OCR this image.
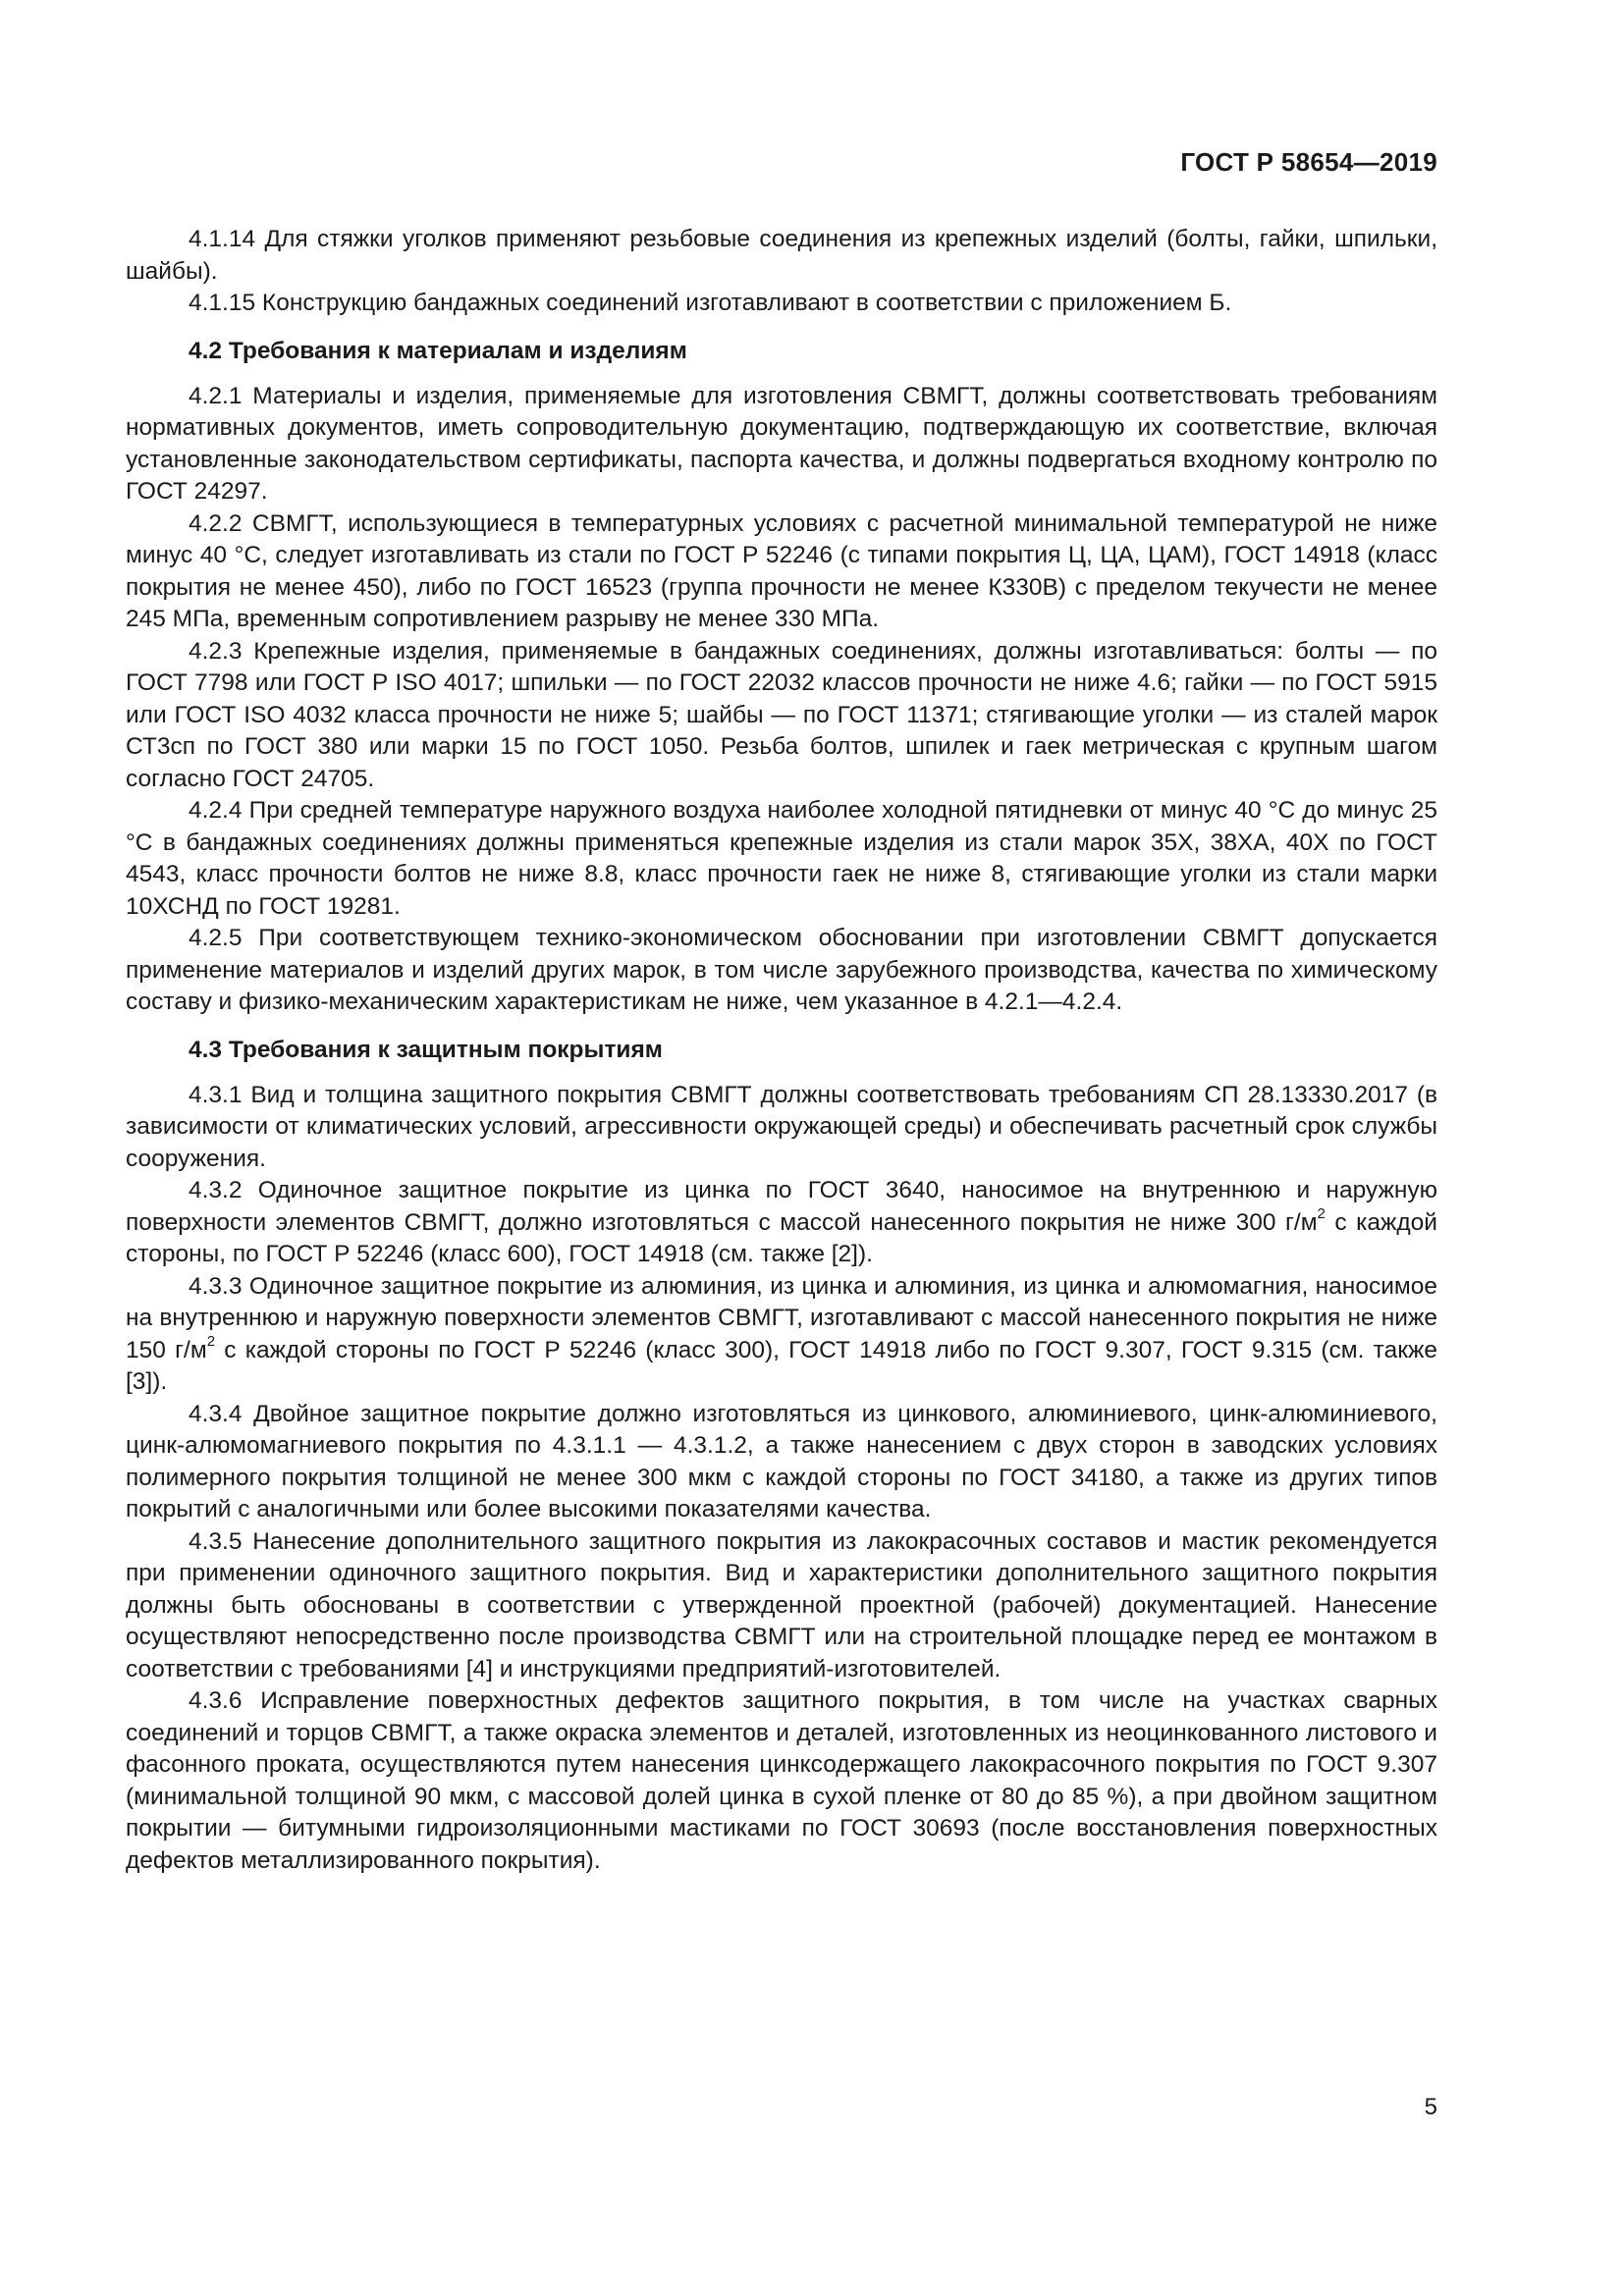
ГОСТ Р 58654—2019

4.1.14 Для стяжки уголков применяют резьбовые соединения из крепежных изделий (болты, гайки, шпильки, шайбы).

4.1.15 Конструкцию бандажных соединений изготавливают в соответствии с приложением Б.

4.2 Требования к материалам и изделиям

4.2.1 Материалы и изделия, применяемые для изготовления СВМГТ, должны соответствовать требованиям нормативных документов, иметь сопроводительную документацию, подтверждающую их соответствие, включая установленные законодательством сертификаты, паспорта качества, и должны подвергаться входному контролю по ГОСТ 24297.

4.2.2 СВМГТ, использующиеся в температурных условиях с расчетной минимальной температурой не ниже минус 40 °С, следует изготавливать из стали по ГОСТ Р 52246 (с типами покрытия Ц, ЦА, ЦАМ), ГОСТ 14918 (класс покрытия не менее 450), либо по ГОСТ 16523 (группа прочности не менее К330В) с пределом текучести не менее 245 МПа, временным сопротивлением разрыву не менее 330 МПа.

4.2.3 Крепежные изделия, применяемые в бандажных соединениях, должны изготавливаться: болты — по ГОСТ 7798 или ГОСТ Р ISO 4017; шпильки — по ГОСТ 22032 классов прочности не ниже 4.6; гайки — по ГОСТ 5915 или ГОСТ ISO 4032 класса прочности не ниже 5; шайбы — по ГОСТ 11371; стягивающие уголки — из сталей марок СТ3сп по ГОСТ 380 или марки 15 по ГОСТ 1050. Резьба болтов, шпилек и гаек метрическая с крупным шагом согласно ГОСТ 24705.

4.2.4 При средней температуре наружного воздуха наиболее холодной пятидневки от минус 40 °С до минус 25 °С в бандажных соединениях должны применяться крепежные изделия из стали марок 35Х, 38ХА, 40Х по ГОСТ 4543, класс прочности болтов не ниже 8.8, класс прочности гаек не ниже 8, стягивающие уголки из стали марки 10ХСНД по ГОСТ 19281.

4.2.5 При соответствующем технико-экономическом обосновании при изготовлении СВМГТ допускается применение материалов и изделий других марок, в том числе зарубежного производства, качества по химическому составу и физико-механическим характеристикам не ниже, чем указанное в 4.2.1—4.2.4.

4.3 Требования к защитным покрытиям

4.3.1 Вид и толщина защитного покрытия СВМГТ должны соответствовать требованиям СП 28.13330.2017 (в зависимости от климатических условий, агрессивности окружающей среды) и обеспечивать расчетный срок службы сооружения.

4.3.2 Одиночное защитное покрытие из цинка по ГОСТ 3640, наносимое на внутреннюю и наружную поверхности элементов СВМГТ, должно изготовляться с массой нанесенного покрытия не ниже 300 $г/м^2$ с каждой стороны, по ГОСТ Р 52246 (класс 600), ГОСТ 14918 (см. также [2]).

4.3.3 Одиночное защитное покрытие из алюминия, из цинка и алюминия, из цинка и алюмомагния, наносимое на внутреннюю и наружную поверхности элементов СВМГТ, изготавливают с массой нанесенного покрытия не ниже 150 $г/м^2$ с каждой стороны по ГОСТ Р 52246 (класс 300), ГОСТ 14918 либо по ГОСТ 9.307, ГОСТ 9.315 (см. также [3]).

4.3.4 Двойное защитное покрытие должно изготовляться из цинкового, алюминиевого, цинк-алюминиевого, цинк-алюмомагниевого покрытия по 4.3.1.1 — 4.3.1.2, а также нанесением с двух сторон в заводских условиях полимерного покрытия толщиной не менее 300 мкм с каждой стороны по ГОСТ 34180, а также из других типов покрытий с аналогичными или более высокими показателями качества.

4.3.5 Нанесение дополнительного защитного покрытия из лакокрасочных составов и мастик рекомендуется при применении одиночного защитного покрытия. Вид и характеристики дополнительного защитного покрытия должны быть обоснованы в соответствии с утвержденной проектной (рабочей) документацией. Нанесение осуществляют непосредственно после производства СВМГТ или на строительной площадке перед ее монтажом в соответствии с требованиями [4] и инструкциями предприятий-изготовителей.

4.3.6 Исправление поверхностных дефектов защитного покрытия, в том числе на участках сварных соединений и торцов СВМГТ, а также окраска элементов и деталей, изготовленных из неоцинкованного листового и фасонного проката, осуществляются путем нанесения цинксодержащего лакокрасочного покрытия по ГОСТ 9.307 (минимальной толщиной 90 мкм, с массовой долей цинка в сухой пленке от 80 до 85 %), а при двойном защитном покрытии — битумными гидроизоляционными мастиками по ГОСТ 30693 (после восстановления поверхностных дефектов металлизированного покрытия).

5
